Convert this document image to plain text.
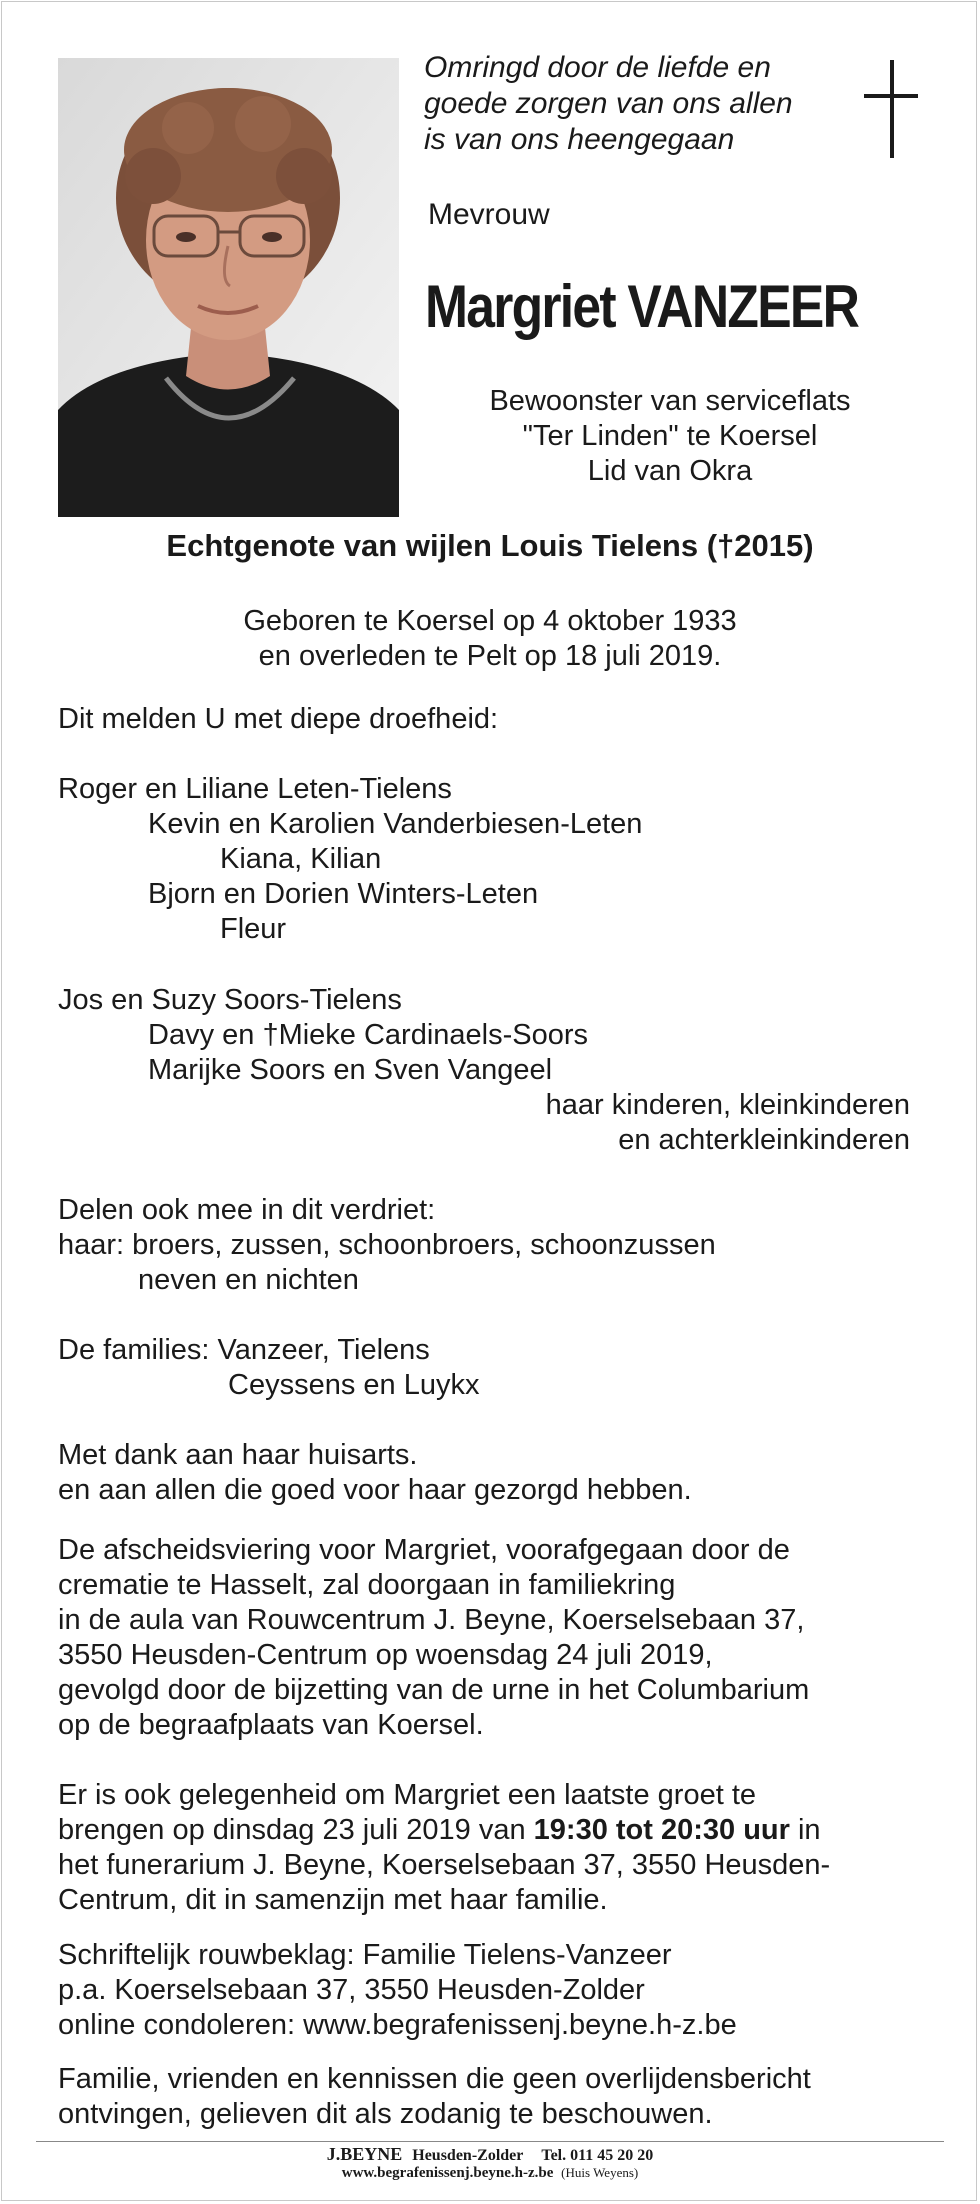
Omringd door de liefde en
goede zorgen van ons allen
is van ons heengegaan
Mevrouw
Margriet VANZEER
Bewoonster van serviceflats
"Ter Linden" te Koersel
Lid van Okra
Echtgenote van wijlen Louis Tielens (†2015)
Geboren te Koersel op 4 oktober 1933
en overleden te Pelt op 18 juli 2019.
Dit melden U met diepe droefheid:
Roger en Liliane Leten-Tielens
Kevin en Karolien Vanderbiesen-Leten
Kiana, Kilian
Bjorn en Dorien Winters-Leten
Fleur
Jos en Suzy Soors-Tielens
Davy en †Mieke Cardinaels-Soors
Marijke Soors en Sven Vangeel
haar kinderen, kleinkinderen
en achterkleinkinderen
Delen ook mee in dit verdriet:
haar: broers, zussen, schoonbroers, schoonzussen
neven en nichten
De families: Vanzeer, Tielens
Ceyssens en Luykx
Met dank aan haar huisarts.
en aan allen die goed voor haar gezorgd hebben.
De afscheidsviering voor Margriet, voorafgegaan door de
crematie te Hasselt, zal doorgaan in familiekring
in de aula van Rouwcentrum J. Beyne, Koerselsebaan 37,
3550 Heusden-Centrum op woensdag 24 juli 2019,
gevolgd door de bijzetting van de urne in het Columbarium
op de begraafplaats van Koersel.
Er is ook gelegenheid om Margriet een laatste groet te
brengen op dinsdag 23 juli 2019 van 19:30 tot 20:30 uur in
het funerarium J. Beyne, Koerselsebaan 37, 3550 Heusden-
Centrum, dit in samenzijn met haar familie.
Schriftelijk rouwbeklag: Familie Tielens-Vanzeer
p.a. Koerselsebaan 37, 3550 Heusden-Zolder
online condoleren: www.begrafenissenj.beyne.h-z.be
Familie, vrienden en kennissen die geen overlijdensbericht
ontvingen, gelieven dit als zodanig te beschouwen.
J.BEYNE Heusden-Zolder Tel. 011 45 20 20
www.begrafenissenj.beyne.h-z.be (Huis Weyens)
